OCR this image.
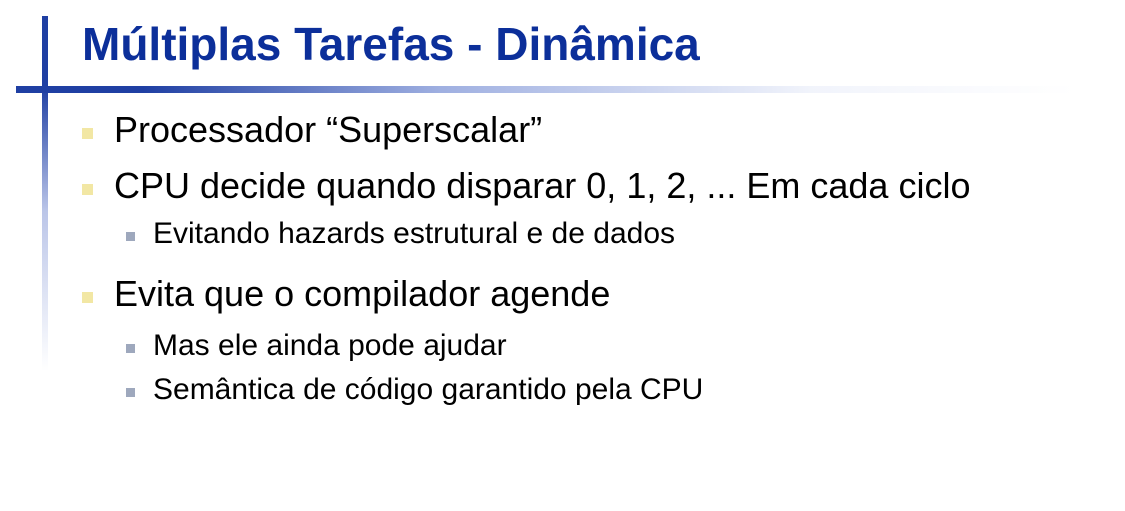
Múltiplas Tarefas - Dinâmica
Processador “Superscalar”
CPU decide quando disparar 0, 1, 2, ... Em cada ciclo
Evitando hazards estrutural e de dados
Evita que o compilador agende
Mas ele ainda pode ajudar
Semântica de código garantido pela CPU
